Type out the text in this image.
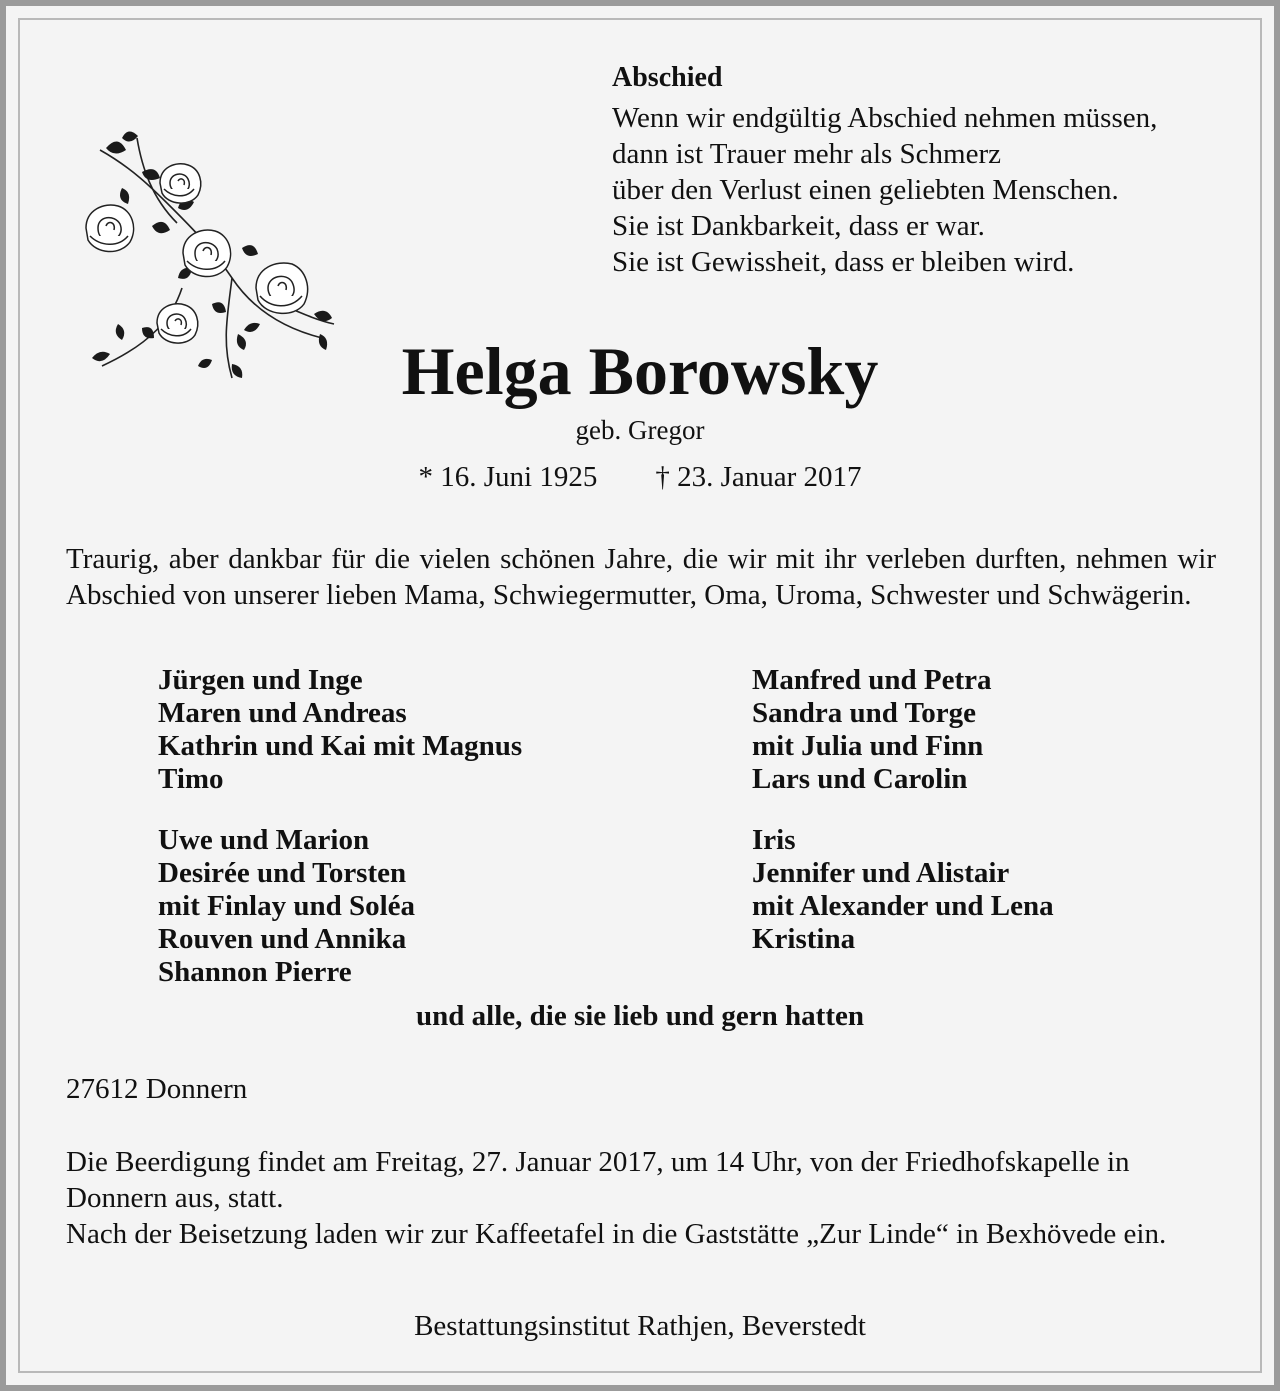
Abschied
Wenn wir endgültig Abschied nehmen müssen,
dann ist Trauer mehr als Schmerz
über den Verlust einen geliebten Menschen.
Sie ist Dankbarkeit, dass er war.
Sie ist Gewissheit, dass er bleiben wird.
Helga Borowsky
geb. Gregor
* 16. Juni 1925 † 23. Januar 2017
Traurig, aber dankbar für die vielen schönen Jahre, die wir mit ihr verleben durften, nehmen wir Abschied von unserer lieben Mama, Schwiegermutter, Oma, Uroma, Schwester und Schwägerin.
Jürgen und Inge
Maren und Andreas
Kathrin und Kai mit Magnus
Timo
Manfred und Petra
Sandra und Torge
mit Julia und Finn
Lars und Carolin
Uwe und Marion
Desirée und Torsten
mit Finlay und Soléa
Rouven und Annika
Shannon Pierre
Iris
Jennifer und Alistair
mit Alexander und Lena
Kristina
und alle, die sie lieb und gern hatten
27612 Donnern
Die Beerdigung findet am Freitag, 27. Januar 2017, um 14 Uhr, von der Friedhofskapelle in
Donnern aus, statt.
Nach der Beisetzung laden wir zur Kaffeetafel in die Gaststätte „Zur Linde“ in Bexhövede ein.
Bestattungsinstitut Rathjen, Beverstedt
